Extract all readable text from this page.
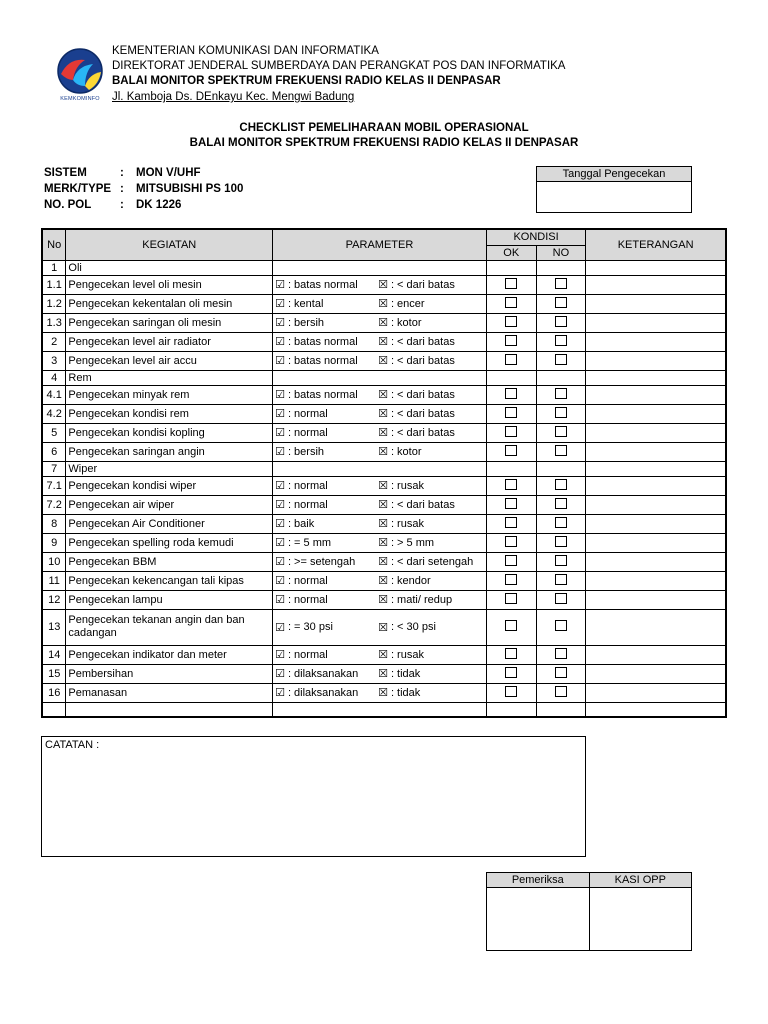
KEMKOMINFO
KEMENTERIAN KOMUNIKASI DAN INFORMATIKA
DIREKTORAT JENDERAL SUMBERDAYA DAN PERANGKAT POS DAN INFORMATIKA
BALAI MONITOR SPEKTRUM FREKUENSI RADIO KELAS II DENPASAR
Jl. Kamboja Ds. DEnkayu Kec. Mengwi Badung
CHECKLIST PEMELIHARAAN MOBIL OPERASIONAL
BALAI MONITOR SPEKTRUM FREKUENSI RADIO KELAS II DENPASAR
SISTEM	: MON V/UHF
MERK/TYPE : MITSUBISHI PS 100
NO. POL : DK 1226
Tanggal Pengecekan

No	KEGIATAN	PARAMETER	KONDISI		KETERANGAN
			OK	NO	
1	Oli				
1.1	Pengecekan level oli mesin	☑ : batas normal ☒ : < dari batas			

1.2	Pengecekan kekentalan oli mesin	☑ : kental ☒ : encer			

1.3	Pengecekan saringan oli mesin	☑ : bersih ☒ : kotor			

2	Pengecekan level air radiator	☑ : batas normal ☒ : < dari batas			

3	Pengecekan level air accu	☑ : batas normal ☒ : < dari batas			

4	Rem				
4.1	Pengecekan minyak rem	☑ : batas normal ☒ : < dari batas			

4.2	Pengecekan kondisi rem	☑ : normal ☒ : < dari batas			

5	Pengecekan kondisi kopling	☑ : normal ☒ : < dari batas			

6	Pengecekan saringan angin	☑ : bersih ☒ : kotor			

7	Wiper				
7.1	Pengecekan kondisi wiper	☑ : normal ☒ : rusak			

7.2	Pengecekan air wiper	☑ : normal ☒ : < dari batas			

8	Pengecekan Air Conditioner	☑ : baik ☒ : rusak			

9	Pengecekan spelling roda kemudi	☑ : = 5 mm ☒ : > 5 mm			

10	Pengecekan BBM	☑ : >= setengah ☒ : < dari setengah			

11	Pengecekan kekencangan tali kipas	☑ : normal ☒ : kendor			

12	Pengecekan lampu	☑ : normal ☒ : mati/ redup			

13	Pengecekan tekanan angin dan ban cadangan	☑ : = 30 psi ☒ : < 30 psi			

14	Pengecekan indikator dan meter	☑ : normal ☒ : rusak			

15	Pembersihan	☑ : dilaksanakan ☒ : tidak			

16	Pemanasan	☑ : dilaksanakan ☒ : tidak			

CATATAN :
Pemeriksa	KASI OPP
